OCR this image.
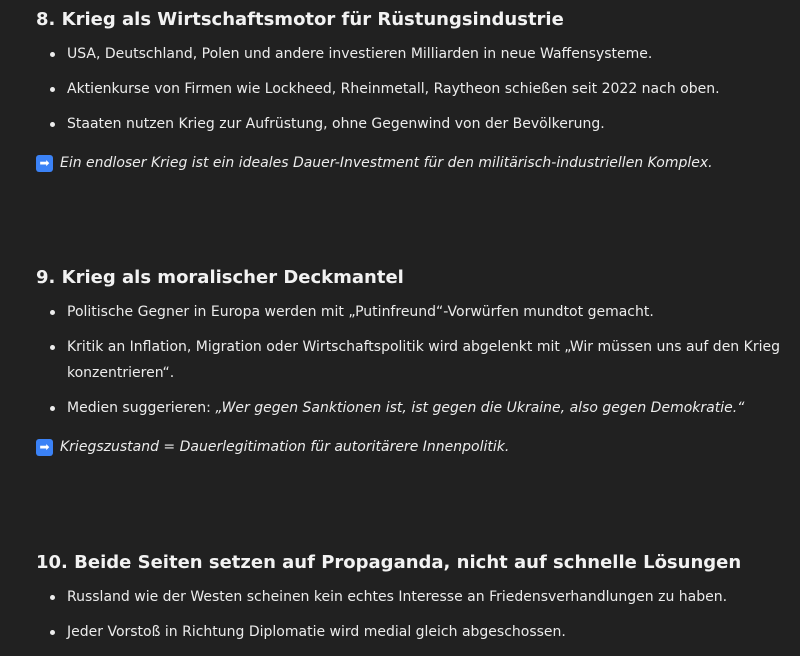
8. Krieg als Wirtschaftsmotor für Rüstungsindustrie
USA, Deutschland, Polen und andere investieren Milliarden in neue Waffensysteme.
Aktienkurse von Firmen wie Lockheed, Rheinmetall, Raytheon schießen seit 2022 nach oben.
Staaten nutzen Krieg zur Aufrüstung, ohne Gegenwind von der Bevölkerung.
➡ Ein endloser Krieg ist ein ideales Dauer-Investment für den militärisch-industriellen Komplex.
9. Krieg als moralischer Deckmantel
Politische Gegner in Europa werden mit „Putinfreund“-Vorwürfen mundtot gemacht.
Kritik an Inflation, Migration oder Wirtschaftspolitik wird abgelenkt mit „Wir müssen uns auf den Krieg konzentrieren“.
Medien suggerieren: „Wer gegen Sanktionen ist, ist gegen die Ukraine, also gegen Demokratie.“
➡ Kriegszustand = Dauerlegitimation für autoritärere Innenpolitik.
10. Beide Seiten setzen auf Propaganda, nicht auf schnelle Lösungen
Russland wie der Westen scheinen kein echtes Interesse an Friedensverhandlungen zu haben.
Jeder Vorstoß in Richtung Diplomatie wird medial gleich abgeschossen.
